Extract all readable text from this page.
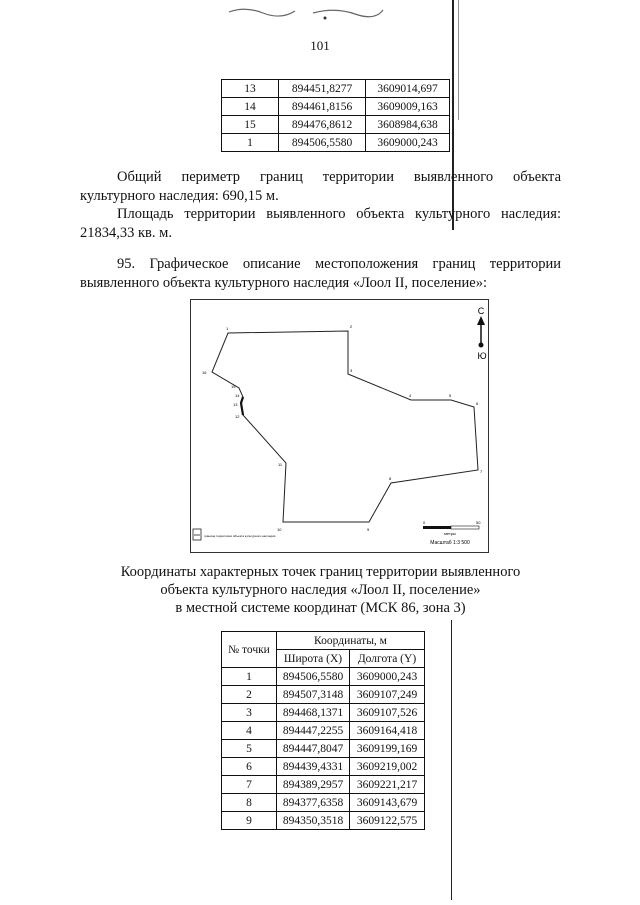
101
13	894451,8277	3609014,697
14	894461,8156	3609009,163
15	894476,8612	3608984,638
1	894506,5580	3609000,243
Общий периметр границ территории выявленного объекта
культурного наследия: 690,15 м.
Площадь территории выявленного объекта культурного наследия:
21834,33 кв. м.
95. Графическое описание местоположения границ территории
выявленного объекта культурного наследия «Лоол II, поселение»:
1	2
3
4	5
6
7
8
9
10
11
12
13
14
15
16
С
Ю
граница территории объекта культурного наследия
0	50
метры
Масштаб 1:3 500
Координаты характерных точек границ территории выявленного
объекта культурного наследия «Лоол II, поселение»
в местной системе координат (МСК 86, зона 3)
№ точки	Координаты, м	
	Широта (X)	Долгота (Y)
1	894506,5580	3609000,243
2	894507,3148	3609107,249
3	894468,1371	3609107,526
4	894447,2255	3609164,418
5	894447,8047	3609199,169
6	894439,4331	3609219,002
7	894389,2957	3609221,217
8	894377,6358	3609143,679
9	894350,3518	3609122,575
